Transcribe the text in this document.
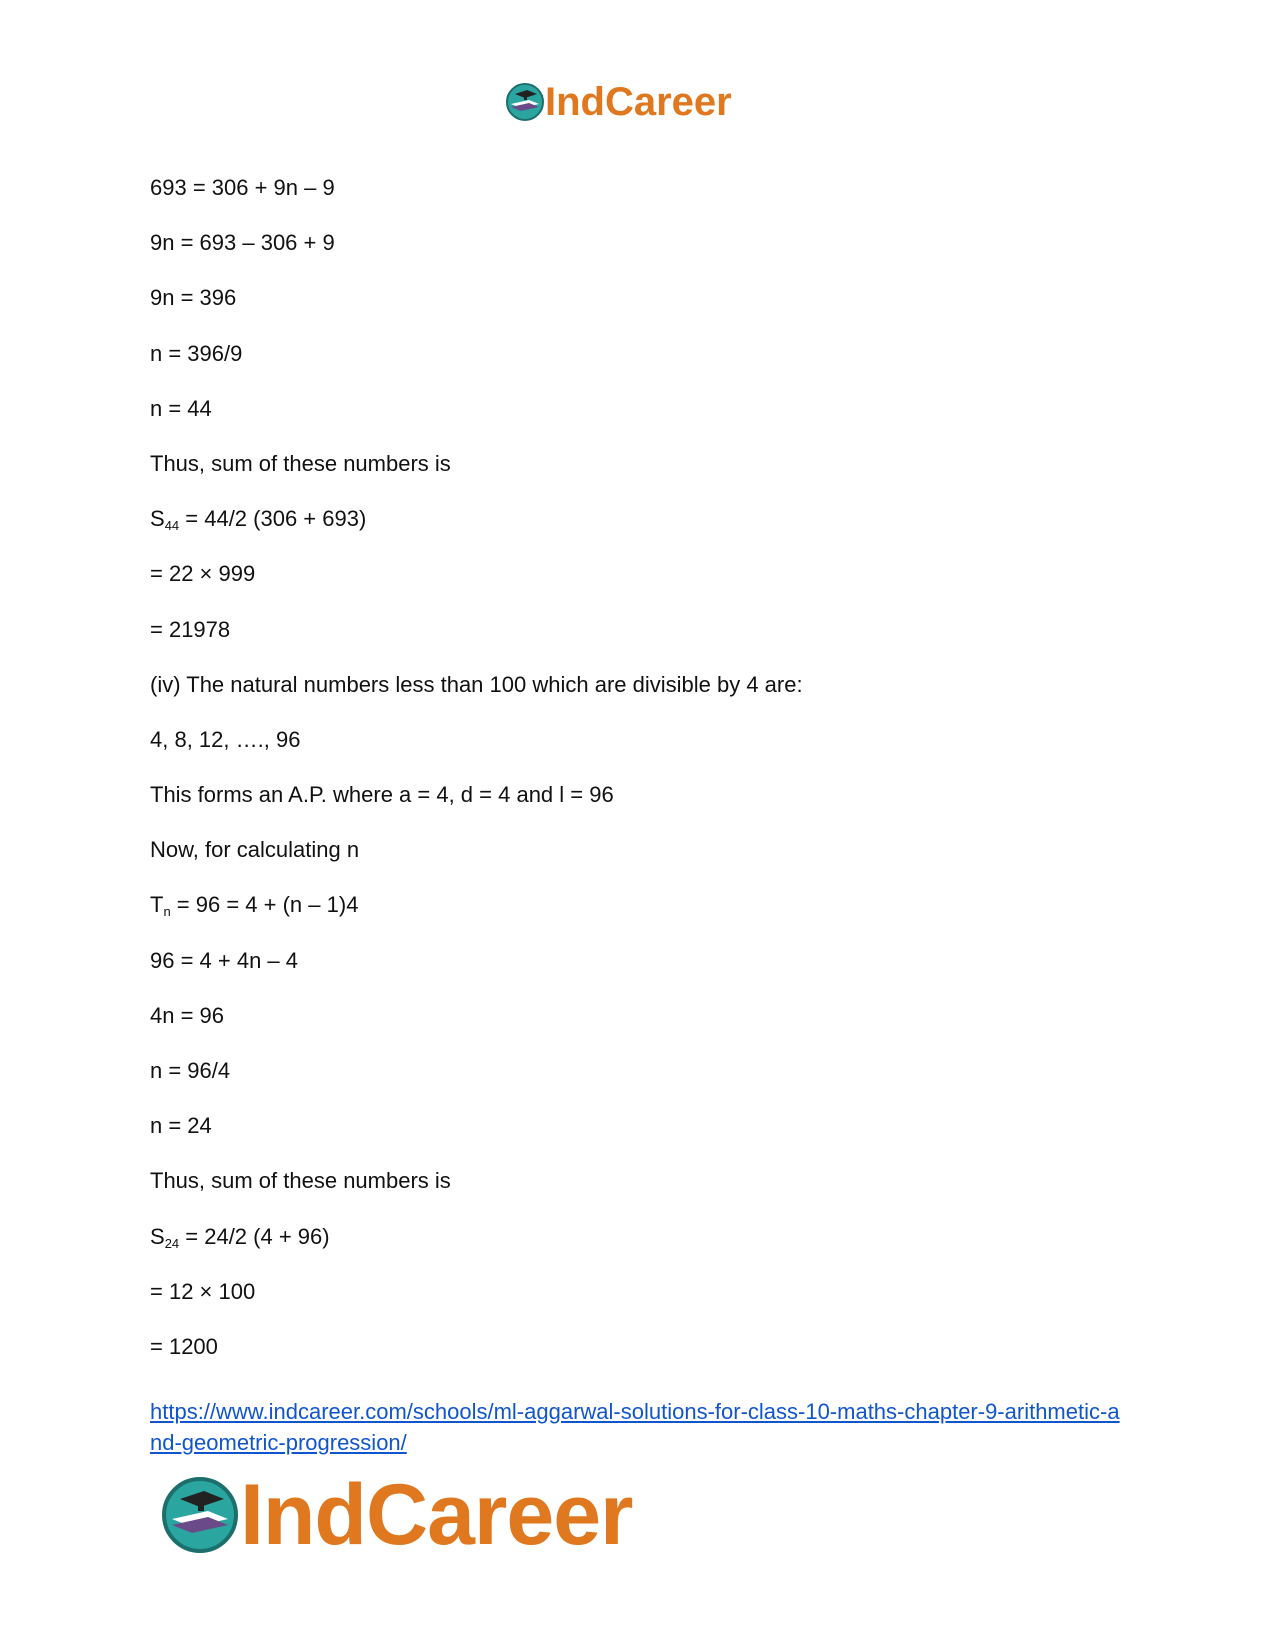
IndCareer
693 = 306 + 9n – 9
9n = 693 – 306 + 9
9n = 396
n = 396/9
n = 44
Thus, sum of these numbers is
$S_{44} = 44/2$ (306 + 693)
= 22 × 999
= 21978
(iv) The natural numbers less than 100 which are divisible by 4 are:
4, 8, 12, …., 96
This forms an A.P. where a = 4, d = 4 and l = 96
Now, for calculating n
$T_n = 96 = 4 + (n - 1)4$
96 = 4 + 4n – 4
4n = 96
n = 96/4
n = 24
Thus, sum of these numbers is
$S_{24} = 24/2$ (4 + 96)
= 12 × 100
= 1200
https://www.indcareer.com/schools/ml-aggarwal-solutions-for-class-10-maths-chapter-9-arithmetic-and-geometric-progression/
IndCareer
